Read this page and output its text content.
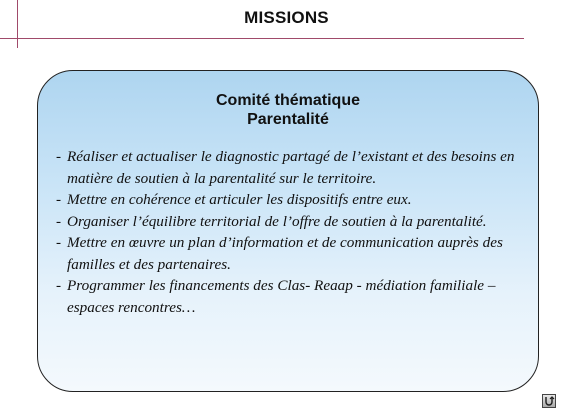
MISSIONS
Comité thématique
Parentalité
- Réaliser et actualiser le diagnostic partagé de l’existant et des besoins en matière de soutien à la parentalité sur le territoire.
- Mettre en cohérence et articuler les dispositifs entre eux.
- Organiser l’équilibre territorial de l’offre de soutien à la parentalité.
- Mettre en œuvre un plan d’information et de communication auprès des familles et des partenaires.
- Programmer les financements des Clas- Reaap - médiation familiale – espaces rencontres…
